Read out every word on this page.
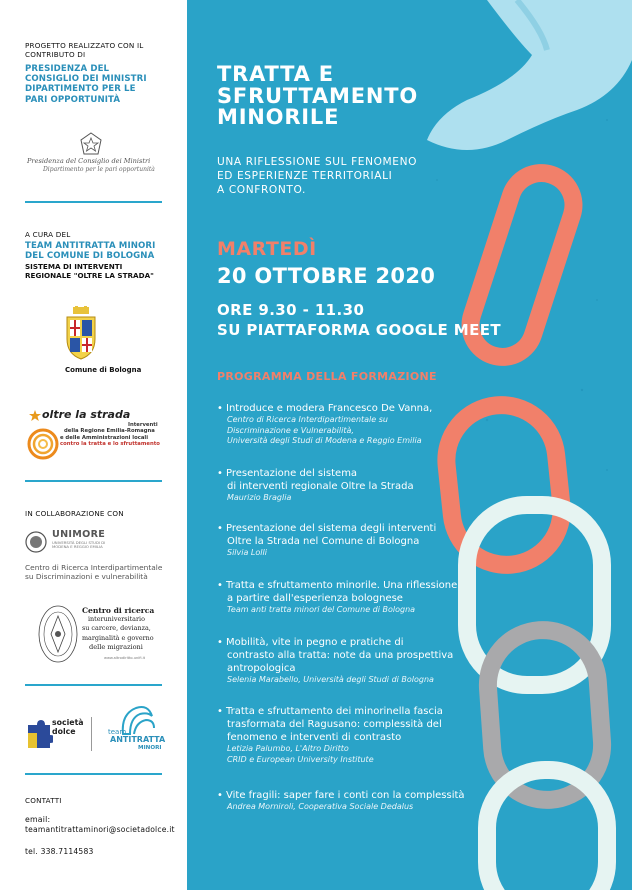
PROGETTO REALIZZATO CON IL
CONTRIBUTO DI
PRESIDENZA DEL
CONSIGLIO DEI MINISTRI
DIPARTIMENTO PER LE
PARI OPPORTUNITÀ
Presidenza del Consiglio dei Ministri
Dipartimento per le pari opportunità
A CURA DEL
TEAM ANTITRATTA MINORI
DEL COMUNE DI BOLOGNA
SISTEMA DI INTERVENTI
REGIONALE "OLTRE LA STRADA"
Comune di Bologna
oltre la strada
Interventi
della Regione Emilia-Romagna
e delle Amministrazioni locali
contro la tratta e lo sfruttamento
IN COLLABORAZIONE CON
UNIMORE
UNIVERSITÀ DEGLI STUDI DI
MODENA E REGGIO EMILIA
Centro di Ricerca Interdipartimentale
su Discriminazioni e vulnerabilità
Centro di ricerca
interuniversitario
su carcere, devianza,
marginalità e governo
delle migrazioni
www.altrodiritto.unifi.it
società
dolce	team
ANTITRATTA
MINORI
CONTATTI
email:
teamantitrattaminori@societadolce.it
tel. 338.7114583
TRATTA E
SFRUTTAMENTO
MINORILE
UNA RIFLESSIONE SUL FENOMENO
ED ESPERIENZE TERRITORIALI
A CONFRONTO.
MARTEDÌ
20 OTTOBRE 2020
ORE 9.30 - 11.30
SU PIATTAFORMA GOOGLE MEET
PROGRAMMA DELLA FORMAZIONE
• Introduce e modera Francesco De Vanna,
Centro di Ricerca Interdipartimentale su
Discriminazione e Vulnerabilità,
Università degli Studi di Modena e Reggio Emilia
• Presentazione del sistema
di interventi regionale Oltre la Strada
Maurizio Braglia
• Presentazione del sistema degli interventi
Oltre la Strada nel Comune di Bologna
Silvia Lolli
• Tratta e sfruttamento minorile. Una riflessione
a partire dall'esperienza bolognese
Team anti tratta minori del Comune di Bologna
• Mobilità, vite in pegno e pratiche di
contrasto alla tratta: note da una prospettiva
antropologica
Selenia Marabello, Università degli Studi di Bologna
• Tratta e sfruttamento dei minorinella fascia
trasformata del Ragusano: complessità del
fenomeno e interventi di contrasto
Letizia Palumbo, L'Altro Diritto
CRID e European University Institute
• Vite fragili: saper fare i conti con la complessità
Andrea Morniroli, Cooperativa Sociale Dedalus
